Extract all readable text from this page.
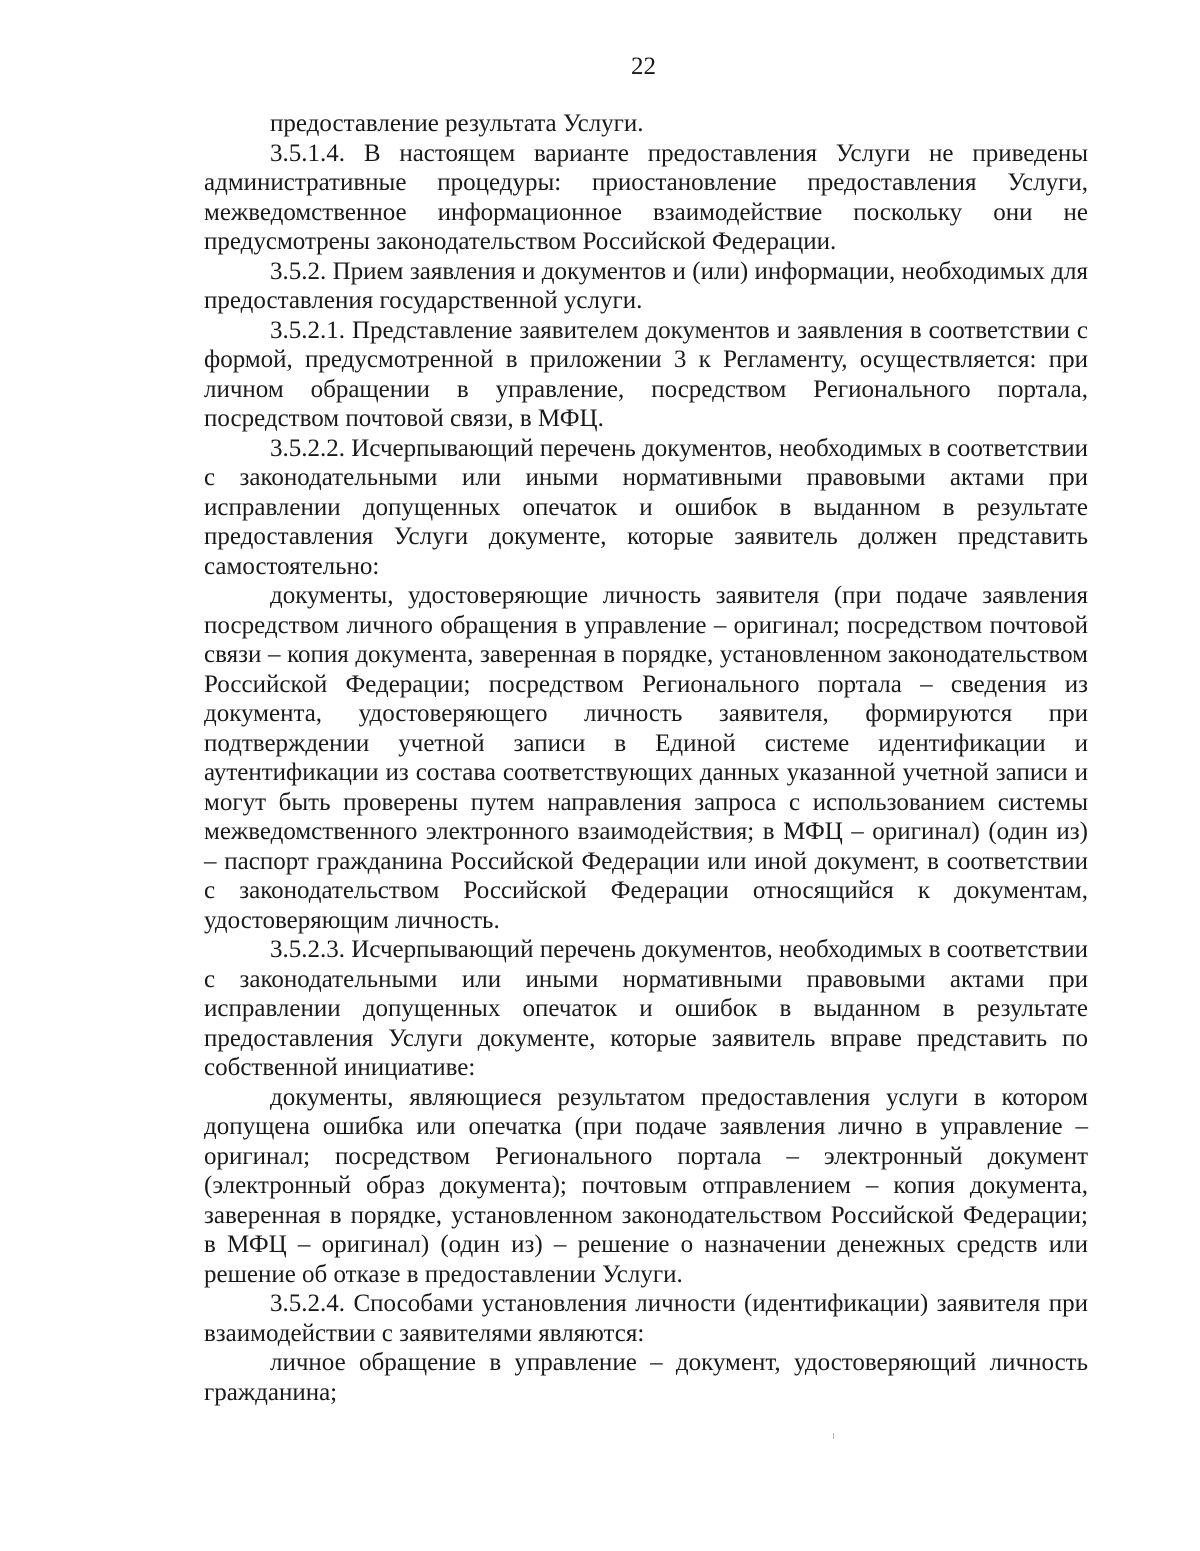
22

предоставление результата Услуги.

3.5.1.4. В настоящем варианте предоставления Услуги не приведены административные процедуры: приостановление предоставления Услуги, межведомственное информационное взаимодействие поскольку они не предусмотрены законодательством Российской Федерации.

3.5.2. Прием заявления и документов и (или) информации, необходимых для предоставления государственной услуги.

3.5.2.1. Представление заявителем документов и заявления в соответствии с формой, предусмотренной в приложении 3 к Регламенту, осуществляется: при личном обращении в управление, посредством Регионального портала, посредством почтовой связи, в МФЦ.

3.5.2.2. Исчерпывающий перечень документов, необходимых в соответствии с законодательными или иными нормативными правовыми актами при исправлении допущенных опечаток и ошибок в выданном в результате предоставления Услуги документе, которые заявитель должен представить самостоятельно:

документы, удостоверяющие личность заявителя (при подаче заявления посредством личного обращения в управление – оригинал; посредством почтовой связи – копия документа, заверенная в порядке, установленном законодательством Российской Федерации; посредством Регионального портала – сведения из документа, удостоверяющего личность заявителя, формируются при подтверждении учетной записи в Единой системе идентификации и аутентификации из состава соответствующих данных указанной учетной записи и могут быть проверены путем направления запроса с использованием системы межведомственного электронного взаимодействия; в МФЦ – оригинал) (один из) – паспорт гражданина Российской Федерации или иной документ, в соответствии с законодательством Российской Федерации относящийся к документам, удостоверяющим личность.

3.5.2.3. Исчерпывающий перечень документов, необходимых в соответствии с законодательными или иными нормативными правовыми актами при исправлении допущенных опечаток и ошибок в выданном в результате предоставления Услуги документе, которые заявитель вправе представить по собственной инициативе:

документы, являющиеся результатом предоставления услуги в котором допущена ошибка или опечатка (при подаче заявления лично в управление – оригинал; посредством Регионального портала – электронный документ (электронный образ документа); почтовым отправлением – копия документа, заверенная в порядке, установленном законодательством Российской Федерации; в МФЦ – оригинал) (один из) – решение о назначении денежных средств или решение об отказе в предоставлении Услуги.

3.5.2.4. Способами установления личности (идентификации) заявителя при взаимодействии с заявителями являются:

личное обращение в управление – документ, удостоверяющий личность гражданина;
